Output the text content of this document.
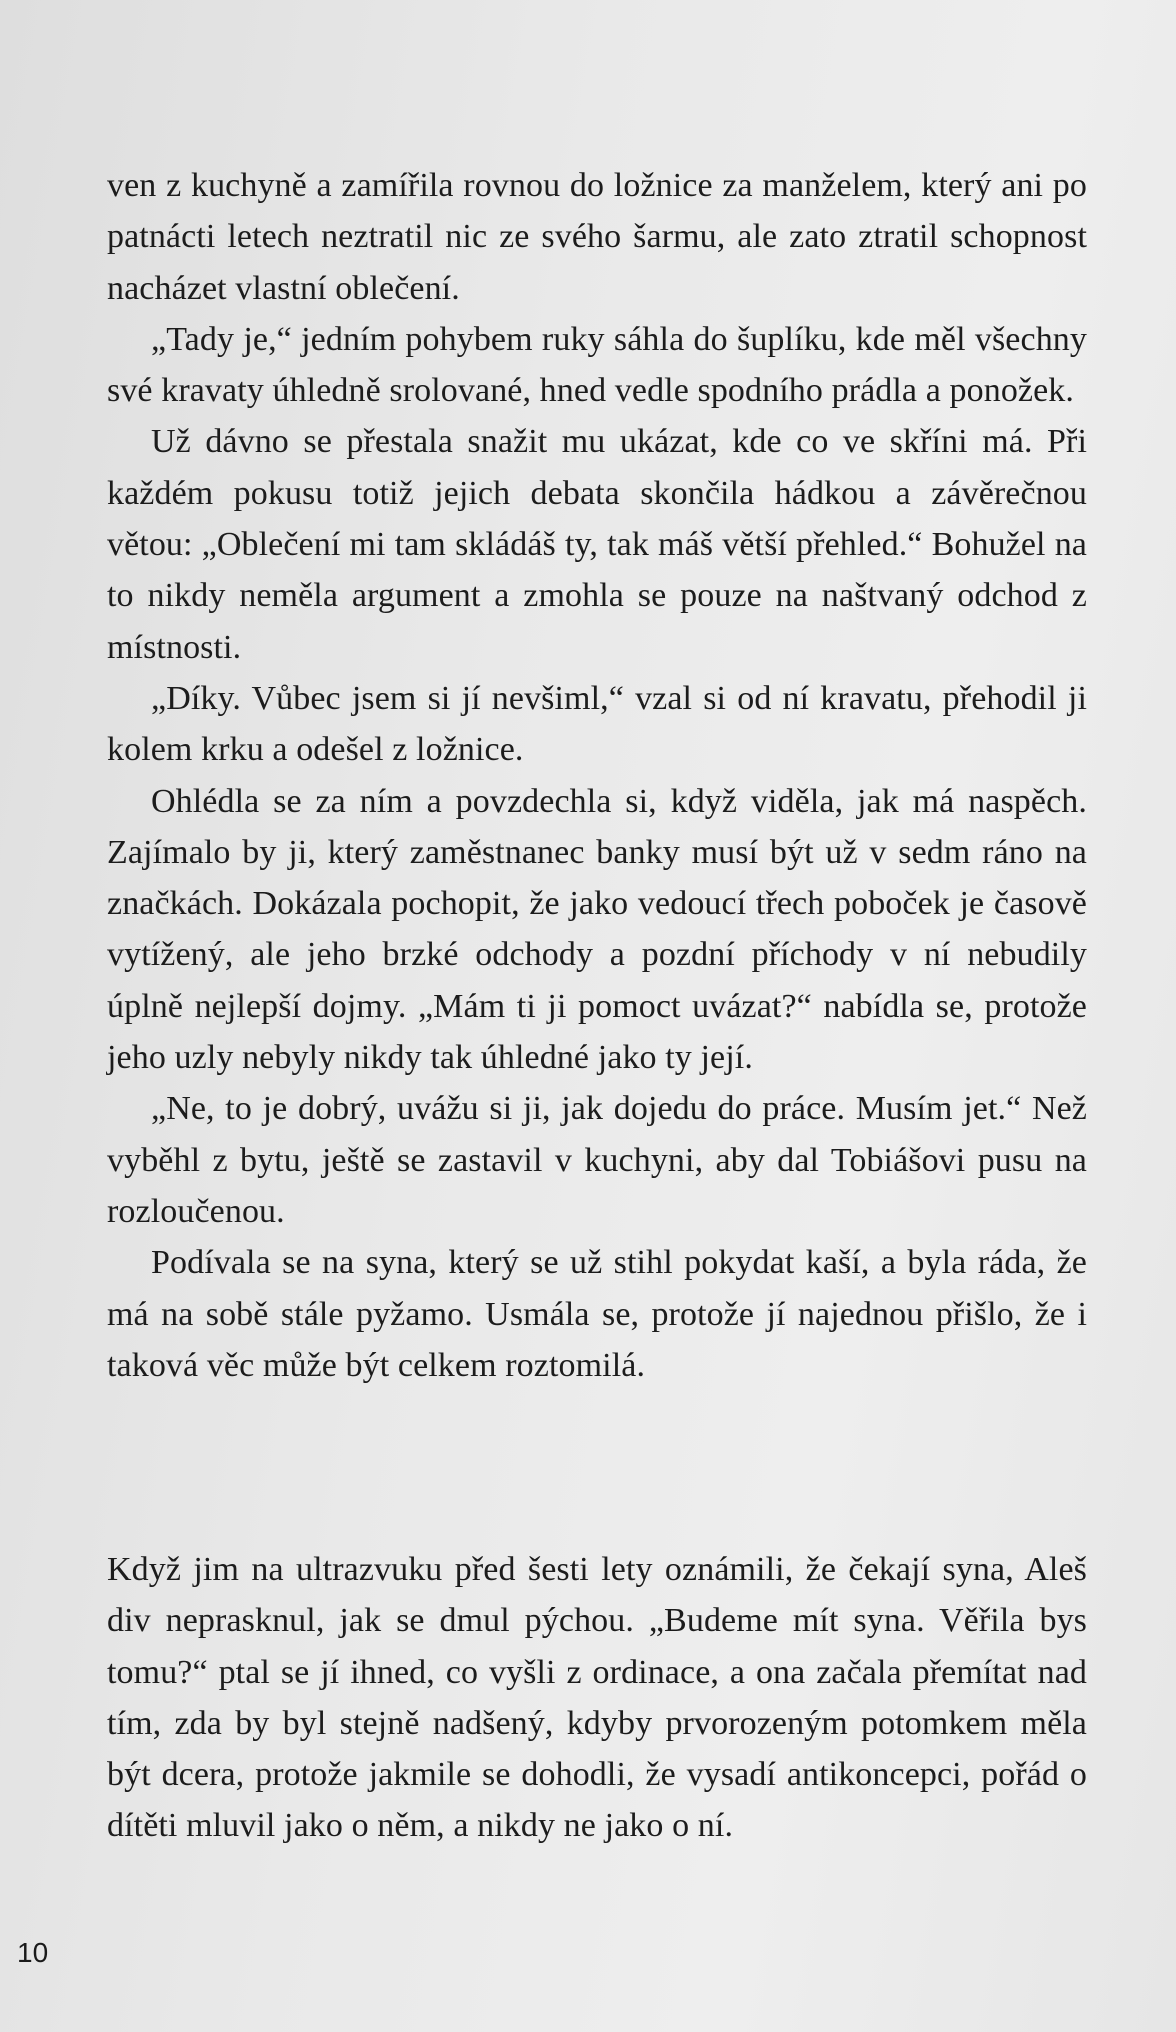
ven z kuchyně a zamířila rovnou do ložnice za manželem, který ani po patnácti letech neztratil nic ze svého šarmu, ale zato ztratil schopnost nacházet vlastní oblečení.

„Tady je,“ jedním pohybem ruky sáhla do šuplíku, kde měl všechny své kravaty úhledně srolované, hned vedle spodního prádla a ponožek.

Už dávno se přestala snažit mu ukázat, kde co ve skříni má. Při každém pokusu totiž jejich debata skončila hádkou a závěrečnou větou: „Oblečení mi tam skládáš ty, tak máš větší přehled.“ Bohužel na to nikdy neměla argument a zmohla se pouze na naštvaný odchod z místnosti.

„Díky. Vůbec jsem si jí nevšiml,“ vzal si od ní kravatu, přehodil ji kolem krku a odešel z ložnice.

Ohlédla se za ním a povzdechla si, když viděla, jak má naspěch. Zajímalo by ji, který zaměstnanec banky musí být už v sedm ráno na značkách. Dokázala pochopit, že jako vedoucí třech poboček je časově vytížený, ale jeho brzké odchody a pozdní příchody v ní nebudily úplně nejlepší dojmy. „Mám ti ji pomoct uvázat?“ nabídla se, protože jeho uzly nebyly nikdy tak úhledné jako ty její.

„Ne, to je dobrý, uvážu si ji, jak dojedu do práce. Musím jet.“ Než vyběhl z bytu, ještě se zastavil v kuchyni, aby dal Tobiášovi pusu na rozloučenou.

Podívala se na syna, který se už stihl pokydat kaší, a byla ráda, že má na sobě stále pyžamo. Usmála se, protože jí najednou přišlo, že i taková věc může být celkem roztomilá.

Když jim na ultrazvuku před šesti lety oznámili, že čekají syna, Aleš div neprasknul, jak se dmul pýchou. „Budeme mít syna. Věřila bys tomu?“ ptal se jí ihned, co vyšli z ordinace, a ona začala přemítat nad tím, zda by byl stejně nadšený, kdyby prvorozeným potomkem měla být dcera, protože jakmile se dohodli, že vysadí antikoncepci, pořád o dítěti mluvil jako o něm, a nikdy ne jako o ní.

10
